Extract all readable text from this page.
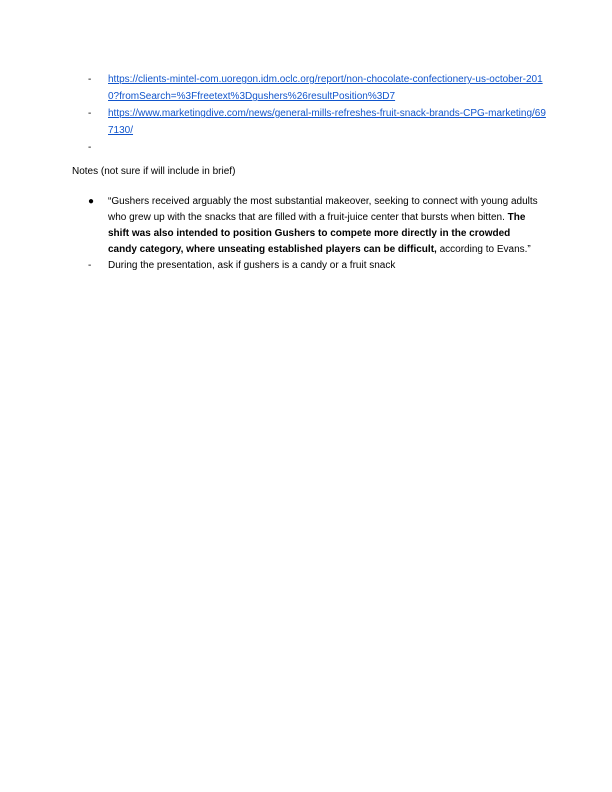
-	https://clients-mintel-com.uoregon.idm.oclc.org/report/non-chocolate-confectionery-us-october-2010?fromSearch=%3Ffreetext%3Dgushers%26resultPosition%3D7
-	https://www.marketingdive.com/news/general-mills-refreshes-fruit-snack-brands-CPG-marketing/697130/
-

Notes (not sure if will include in brief)

●	“Gushers received arguably the most substantial makeover, seeking to connect with young adults who grew up with the snacks that are filled with a fruit-juice center that bursts when bitten. The shift was also intended to position Gushers to compete more directly in the crowded candy category, where unseating established players can be difficult, according to Evans.”
-	During the presentation, ask if gushers is a candy or a fruit snack
